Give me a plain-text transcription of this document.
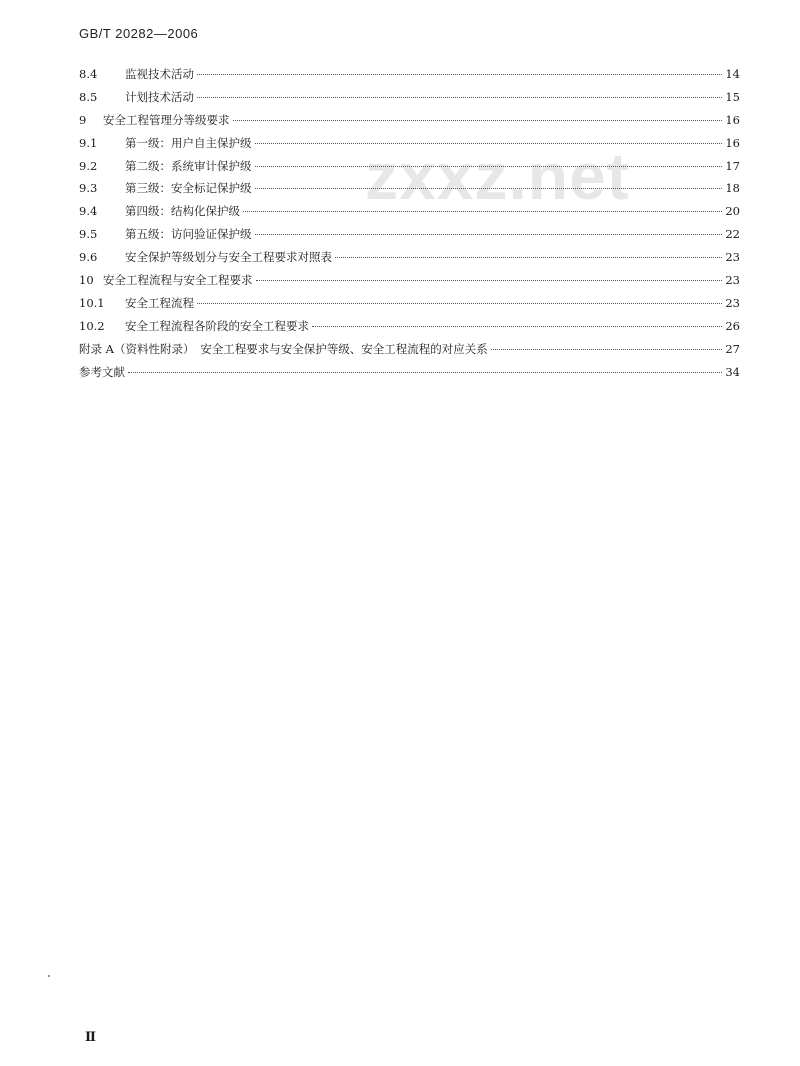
GB/T 20282—2006
zxxz.net
8.4	监视技术活动	14
8.5	计划技术活动	15
9	安全工程管理分等级要求	16
9.1	第一级：用户自主保护级	16
9.2	第二级：系统审计保护级	17
9.3	第三级：安全标记保护级	18
9.4	第四级：结构化保护级	20
9.5	第五级：访问验证保护级	22
9.6	安全保护等级划分与安全工程要求对照表	23
10 安全工程流程与安全工程要求	23
10.1	安全工程流程	23
10.2	安全工程流程各阶段的安全工程要求	26
附录 A（资料性附录）　安全工程要求与安全保护等级、安全工程流程的对应关系	27
参考文献	34
Ⅱ
